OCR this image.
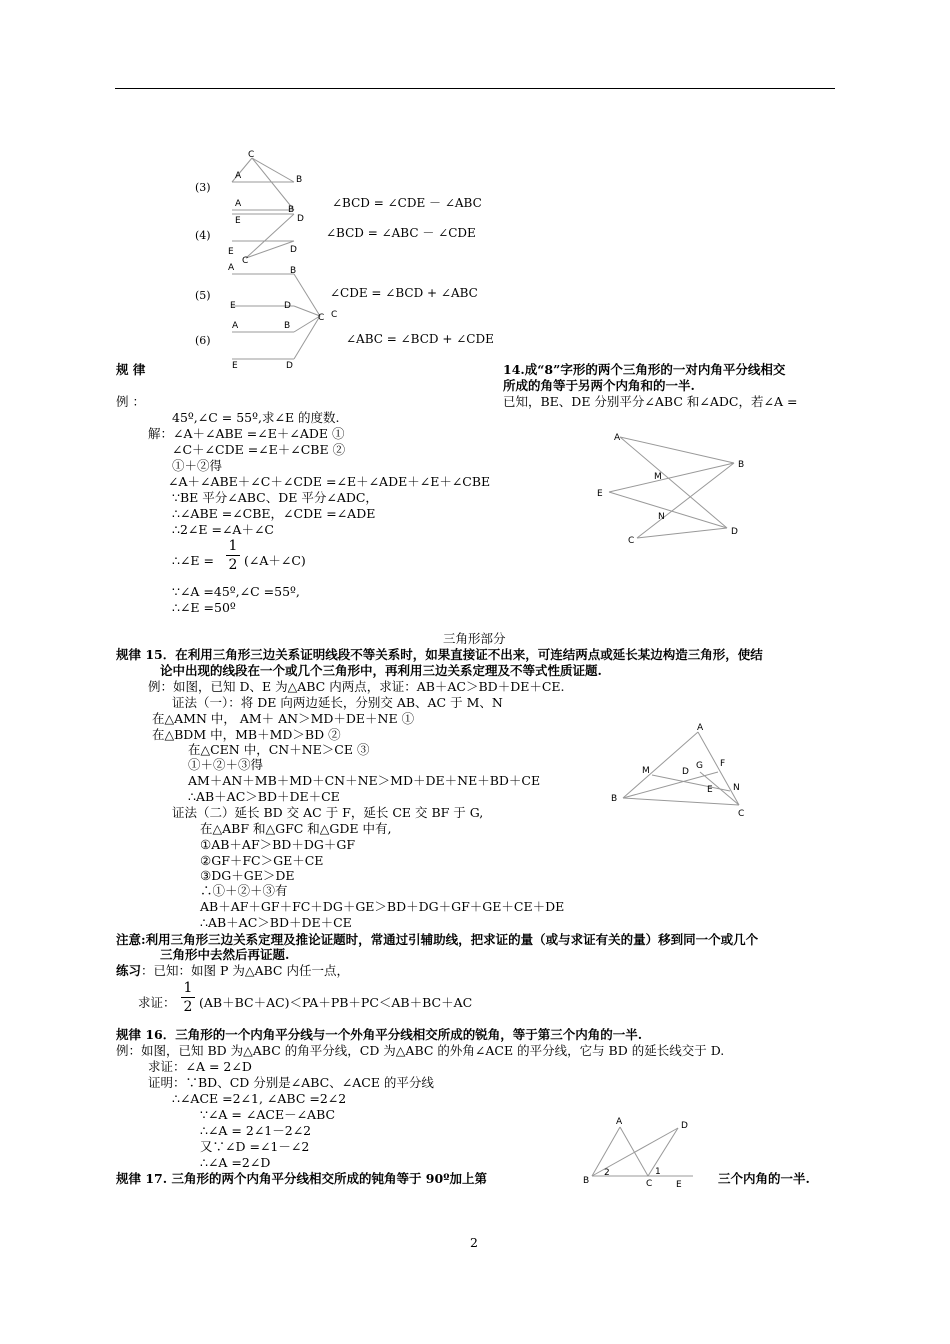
C
A	B
A
B
E	D
E	D
C
A	B
E	D
C C
A	B
E	D
(3)
(4)
(5)
(6)
∠BCD = ∠CDE － ∠ABC
∠BCD = ∠ABC － ∠CDE
∠CDE = ∠BCD + ∠ABC
∠ABC = ∠BCD + ∠CDE
规 律	14.成“8”字形的两个三角形的一对内角平分线相交
所成的角等于另两个内角和的一半.
例 ：	已知，BE、DE 分别平分∠ABC 和∠ADC，若∠A =
45º,∠C = 55º,求∠E 的度数.
解：∠A＋∠ABE =∠E＋∠ADE ①
∠C＋∠CDE =∠E＋∠CBE ②
①＋②得
∠A＋∠ABE＋∠C＋∠CDE =∠E＋∠ADE＋∠E＋∠CBE
∵BE 平分∠ABC、DE 平分∠ADC，
∴∠ABE =∠CBE，∠CDE =∠ADE
∴2∠E =∠A＋∠C
∴∠E =
1
2 (∠A＋∠C)
∵∠A =45º,∠C =55º,
∴∠E =50º
A
B
E
M
N
D
C
三角形部分
规律 15．在利用三角形三边关系证明线段不等关系时，如果直接证不出来，可连结两点或延长某边构造三角形，使结
论中出现的线段在一个或几个三角形中，再利用三边关系定理及不等式性质证题.
例：如图，已知 D、E 为△ABC 内两点，求证：AB＋AC＞BD＋DE＋CE.
证法（一）：将 DE 向两边延长，分别交 AB、AC 于 M、N
在△AMN 中， AM＋ AN＞MD＋DE＋NE ①
在△BDM 中，MB＋MD＞BD ②
在△CEN 中，CN＋NE＞CE ③
①＋②＋③得
AM＋AN＋MB＋MD＋CN＋NE＞MD＋DE＋NE＋BD＋CE
∴AB＋AC＞BD＋DE＋CE
证法（二）延长 BD 交 AC 于 F，延长 CE 交 BF 于 G,
在△ABF 和△GFC 和△GDE 中有,
①AB＋AF＞BD＋DG＋GF
②GF＋FC＞GE＋CE
③DG＋GE＞DE
∴①＋②＋③有
AB＋AF＋GF＋FC＋DG＋GE＞BD＋DG＋GF＋GE＋CE＋DE
∴AB＋AC＞BD＋DE＋CE
A
M	D
G F
E N
B
C
注意:利用三角形三边关系定理及推论证题时，常通过引辅助线，把求证的量（或与求证有关的量）移到同一个或几个
三角形中去然后再证题.
练习：已知：如图 P 为△ABC 内任一点，
求证：
1
2 (AB＋BC＋AC)＜PA＋PB＋PC＜AB＋BC＋AC
规律 16．三角形的一个内角平分线与一个外角平分线相交所成的锐角，等于第三个内角的一半.
例：如图，已知 BD 为△ABC 的角平分线，CD 为△ABC 的外角∠ACE 的平分线，它与 BD 的延长线交于 D.
求证：∠A = 2∠D
证明：∵BD、CD 分别是∠ABC、∠ACE 的平分线
∴∠ACE =2∠1, ∠ABC =2∠2
∵∠A = ∠ACE－∠ABC
∴∠A = 2∠1－2∠2
又∵∠D =∠1－∠2
∴∠A =2∠D
A	D
B
2
C
1
E
规律 17. 三角形的两个内角平分线相交所成的钝角等于 90º加上第	三个内角的一半.
2
